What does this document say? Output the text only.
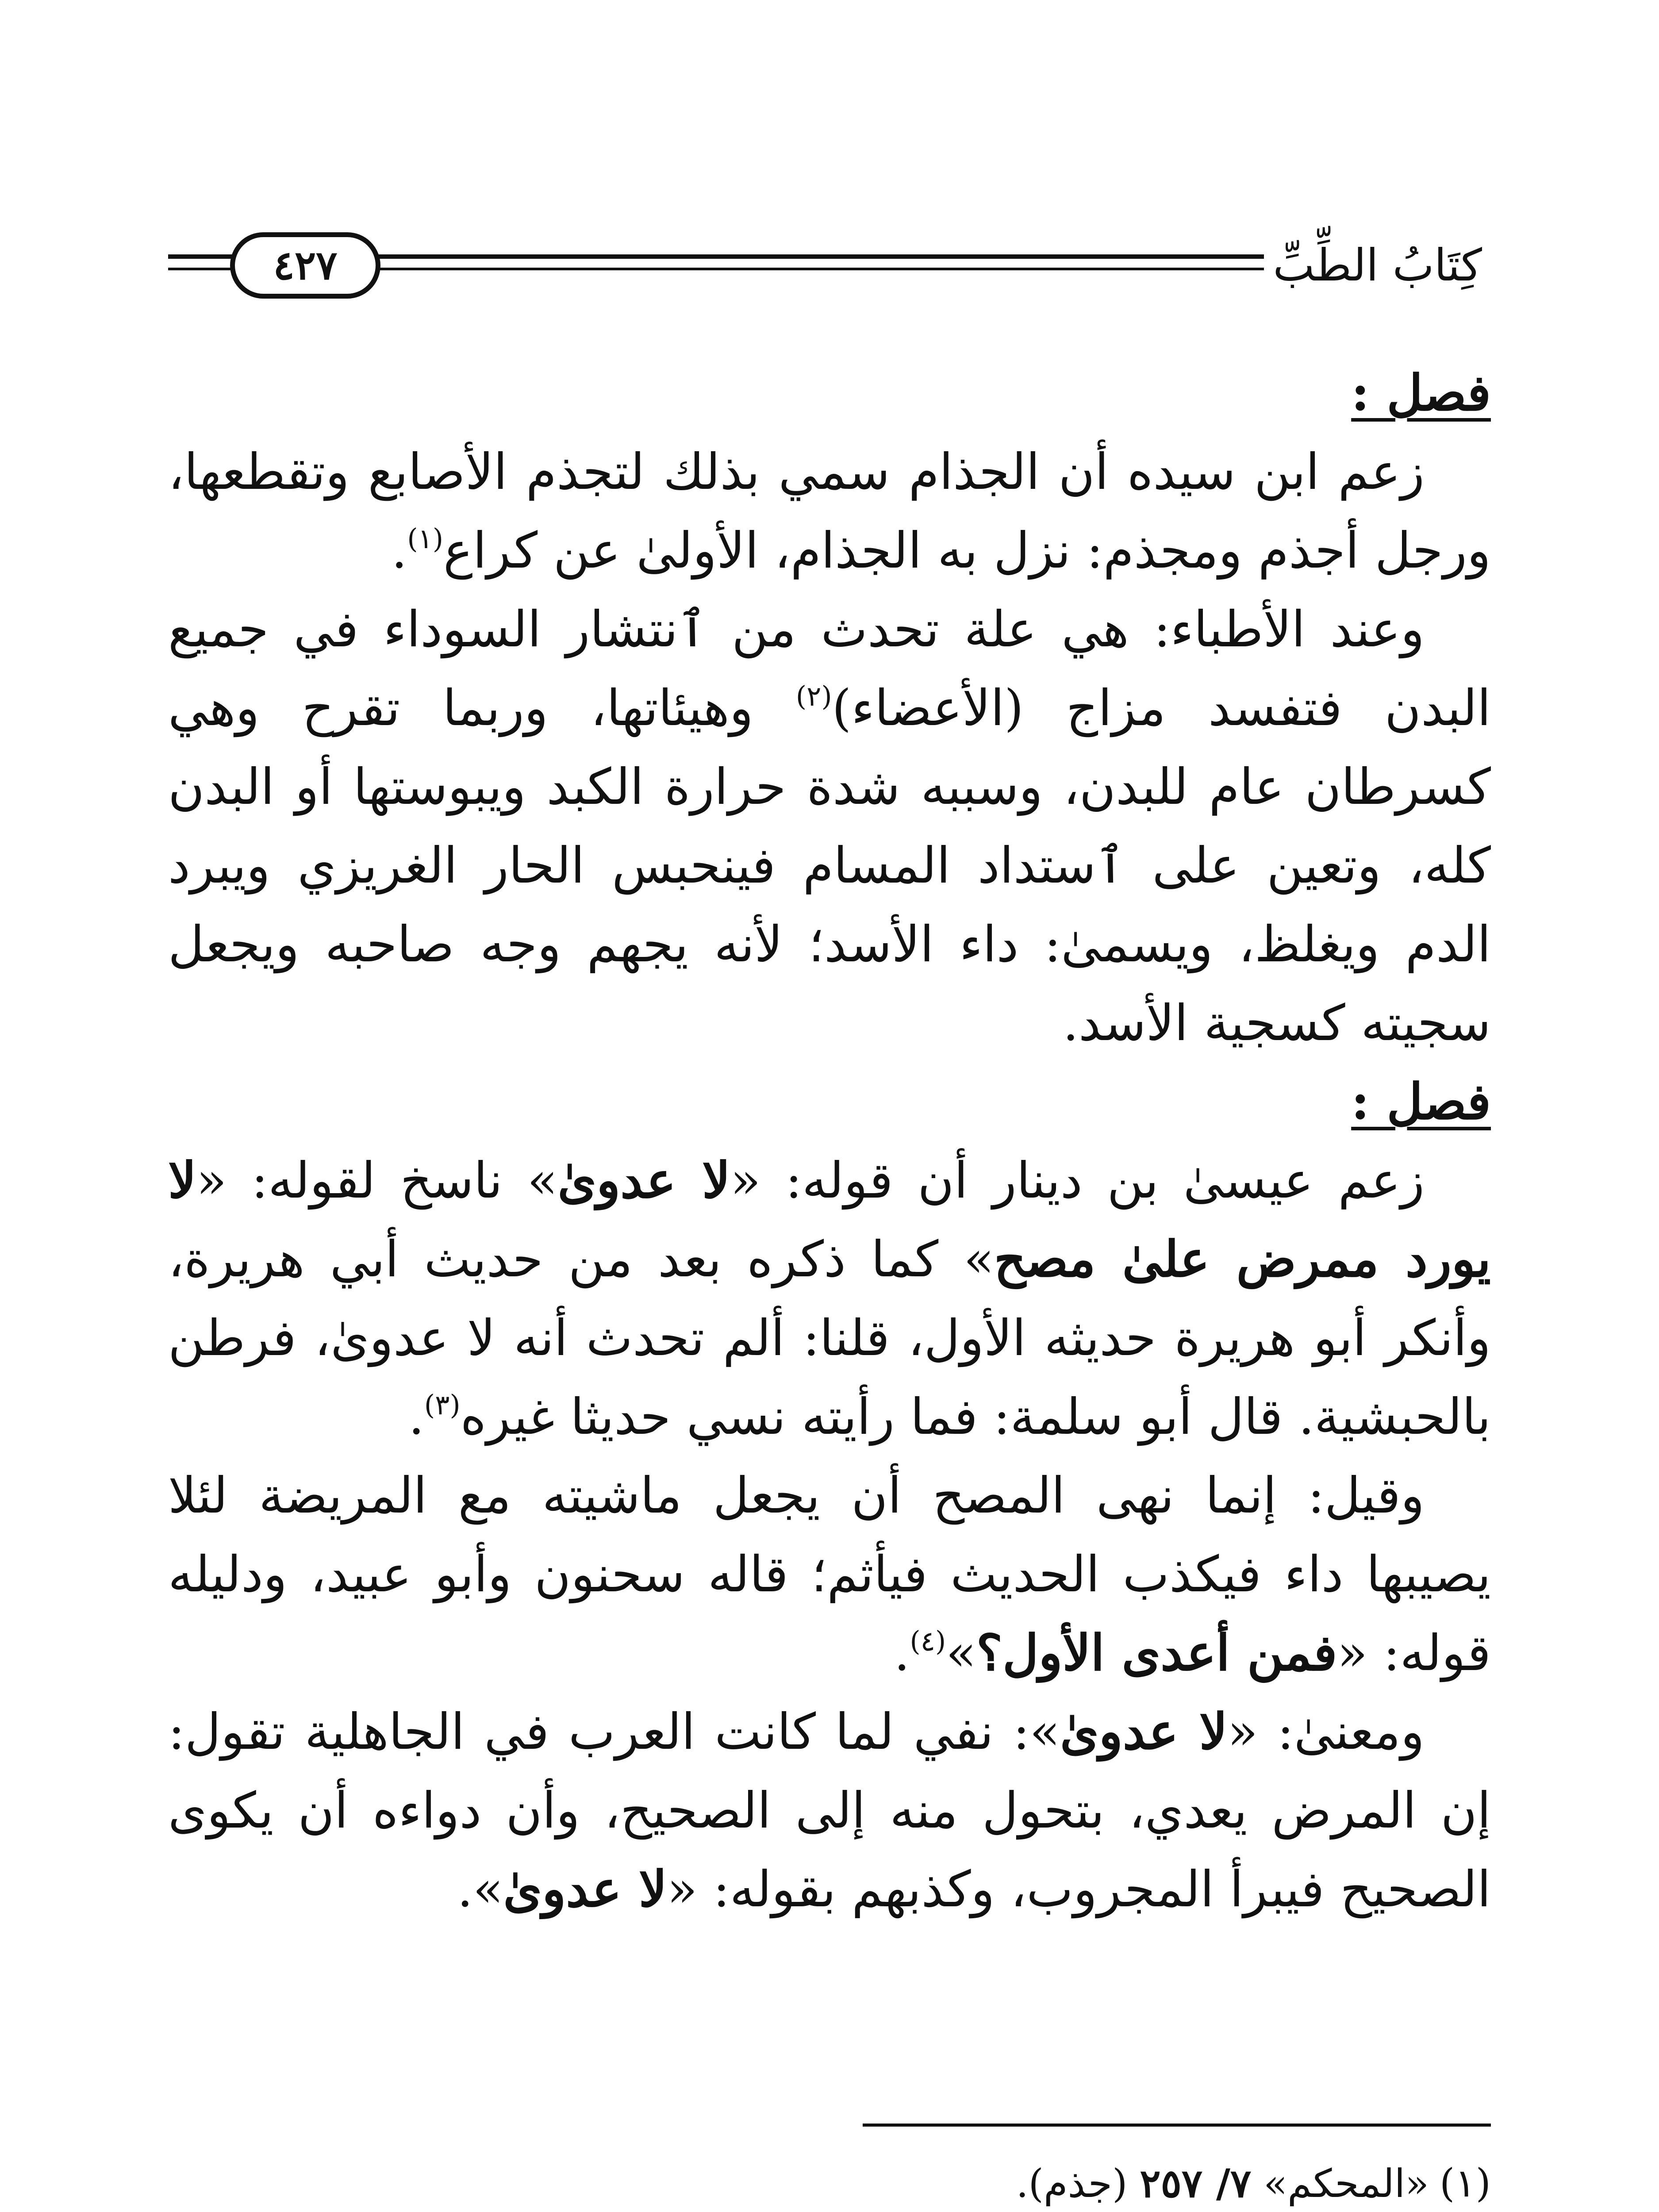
كِتَابُ الطِّبِّ
٤٢٧

فصل :

زعم ابن سيده أن الجذام سمي بذلك لتجذم الأصابع وتقطعها، ورجل أجذم ومجذم: نزل به الجذام، الأولىٰ عن كراع$^{(١)}$.

وعند الأطباء: هي علة تحدث من ٱنتشار السوداء في جميع البدن فتفسد مزاج (الأعضاء)$^{(٢)}$ وهيئاتها، وربما تقرح وهي كسرطان عام للبدن، وسببه شدة حرارة الكبد ويبوستها أو البدن كله، وتعين على ٱستداد المسام فينحبس الحار الغريزي ويبرد الدم ويغلظ، ويسمىٰ: داء الأسد؛ لأنه يجهم وجه صاحبه ويجعل سجيته كسجية الأسد.

فصل :

زعم عيسىٰ بن دينار أن قوله: «لا عدوىٰ» ناسخ لقوله: «لا يورد ممرض علىٰ مصح» كما ذكره بعد من حديث أبي هريرة، وأنكر أبو هريرة حديثه الأول، قلنا: ألم تحدث أنه لا عدوىٰ، فرطن بالحبشية. قال أبو سلمة: فما رأيته نسي حديثا غيره$^{(٣)}$.

وقيل: إنما نهى المصح أن يجعل ماشيته مع المريضة لئلا يصيبها داء فيكذب الحديث فيأثم؛ قاله سحنون وأبو عبيد، ودليله قوله: «فمن أعدى الأول؟»$^{(٤)}$.

ومعنىٰ: «لا عدوىٰ»: نفي لما كانت العرب في الجاهلية تقول: إن المرض يعدي، بتحول منه إلى الصحيح، وأن دواءه أن يكوى الصحيح فيبرأ المجروب، وكذبهم بقوله: «لا عدوىٰ».

(١)
«المحكم» ٧/ ٢٥٧ (جذم).
